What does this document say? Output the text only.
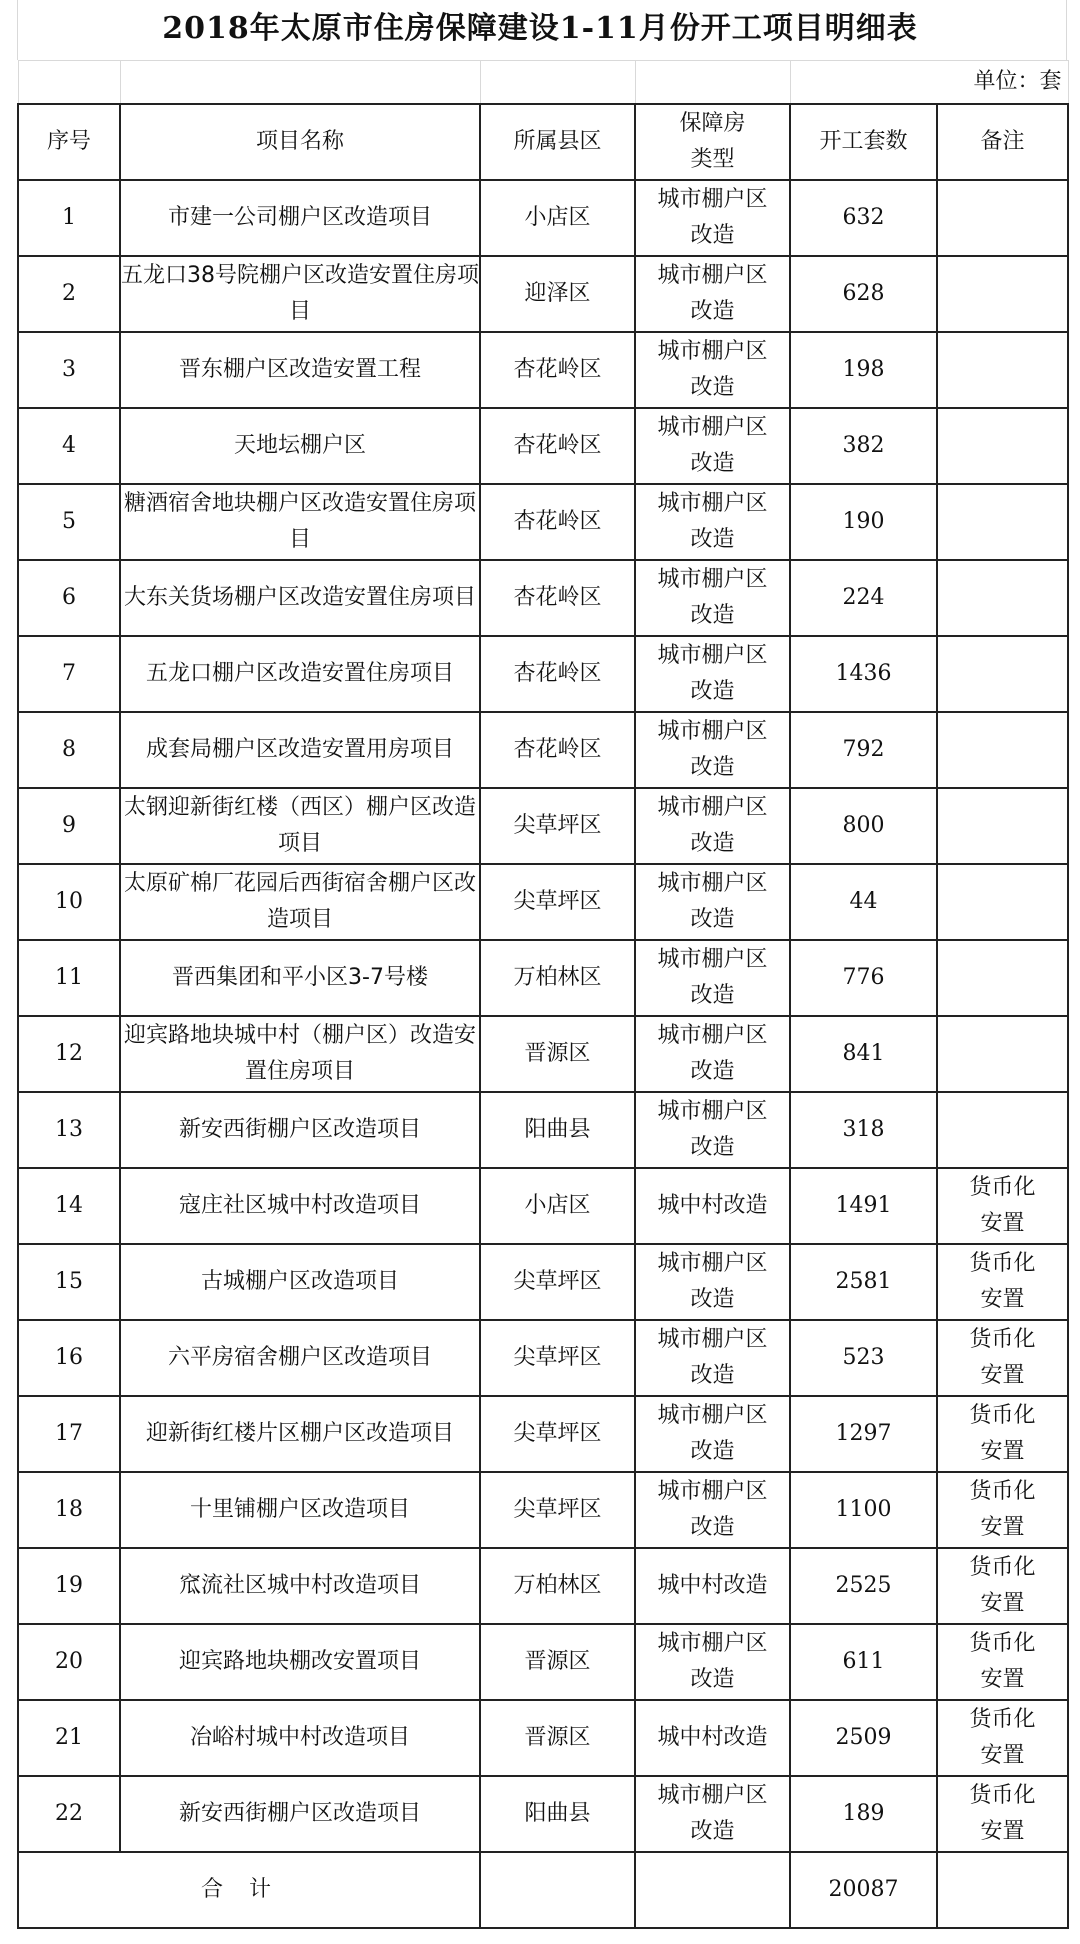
2018年太原市住房保障建设1-11月份开工项目明细表
				单位：套	
序号	项目名称	所属县区	保障房类型	开工套数	备注
1	市建一公司棚户区改造项目	小店区	城市棚户区改造	632	
2	五龙口38号院棚户区改造安置住房项目	迎泽区	城市棚户区改造	628	
3	晋东棚户区改造安置工程	杏花岭区	城市棚户区改造	198	
4	天地坛棚户区	杏花岭区	城市棚户区改造	382	
5	糖酒宿舍地块棚户区改造安置住房项目	杏花岭区	城市棚户区改造	190	
6	大东关货场棚户区改造安置住房项目	杏花岭区	城市棚户区改造	224	
7	五龙口棚户区改造安置住房项目	杏花岭区	城市棚户区改造	1436	
8	成套局棚户区改造安置用房项目	杏花岭区	城市棚户区改造	792	
9	太钢迎新街红楼（西区）棚户区改造项目	尖草坪区	城市棚户区改造	800	
10	太原矿棉厂花园后西街宿舍棚户区改造项目	尖草坪区	城市棚户区改造	44	
11	晋西集团和平小区3-7号楼	万柏林区	城市棚户区改造	776	
12	迎宾路地块城中村（棚户区）改造安置住房项目	晋源区	城市棚户区改造	841	
13	新安西街棚户区改造项目	阳曲县	城市棚户区改造	318	
14	寇庄社区城中村改造项目	小店区	城中村改造	1491	货币化安置
15	古城棚户区改造项目	尖草坪区	城市棚户区改造	2581	货币化安置
16	六平房宿舍棚户区改造项目	尖草坪区	城市棚户区改造	523	货币化安置
17	迎新街红楼片区棚户区改造项目	尖草坪区	城市棚户区改造	1297	货币化安置
18	十里铺棚户区改造项目	尖草坪区	城市棚户区改造	1100	货币化安置
19	窊流社区城中村改造项目	万柏林区	城中村改造	2525	货币化安置
20	迎宾路地块棚改安置项目	晋源区	城市棚户区改造	611	货币化安置
21	冶峪村城中村改造项目	晋源区	城中村改造	2509	货币化安置
22	新安西街棚户区改造项目	阳曲县	城市棚户区改造	189	货币化安置
合计				20087	
